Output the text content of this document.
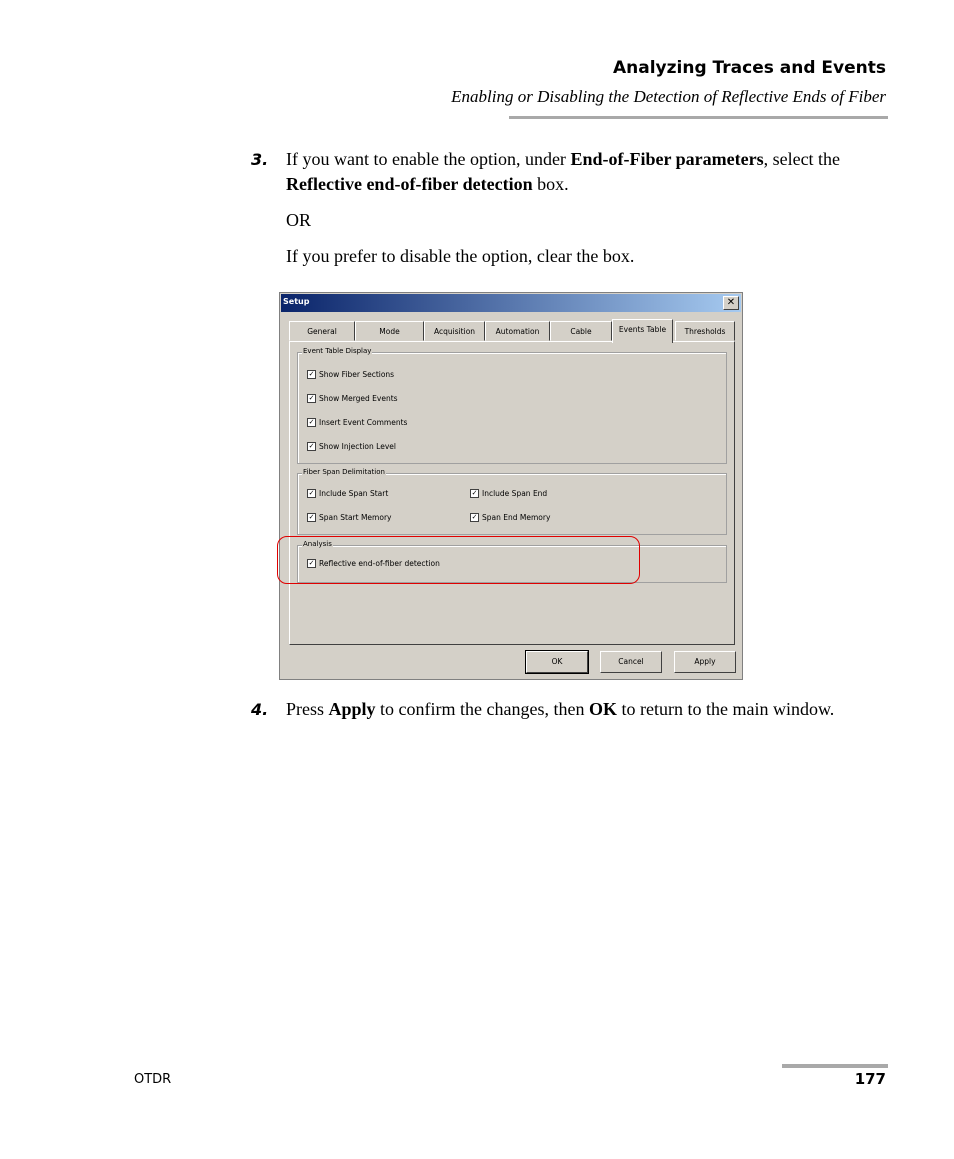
Analyzing Traces and Events
Enabling or Disabling the Detection of Reflective Ends of Fiber
3. If you want to enable the option, under End-of-Fiber parameters, select the Reflective end-of-fiber detection box.
OR
If you prefer to disable the option, clear the box.
Setup	✕
General	Mode	Acquisition	Automation	Cable	Events Table	Thresholds
Event Table Display
✓ Show Fiber Sections
✓ Show Merged Events
✓ Insert Event Comments
✓ Show Injection Level
Fiber Span Delimitation
✓ Include Span Start	✓ Include Span End
✓ Span Start Memory	✓ Span End Memory
Analysis
✓ Reflective end-of-fiber detection
OK	Cancel	Apply
4. Press Apply to confirm the changes, then OK to return to the main window.
OTDR	177
